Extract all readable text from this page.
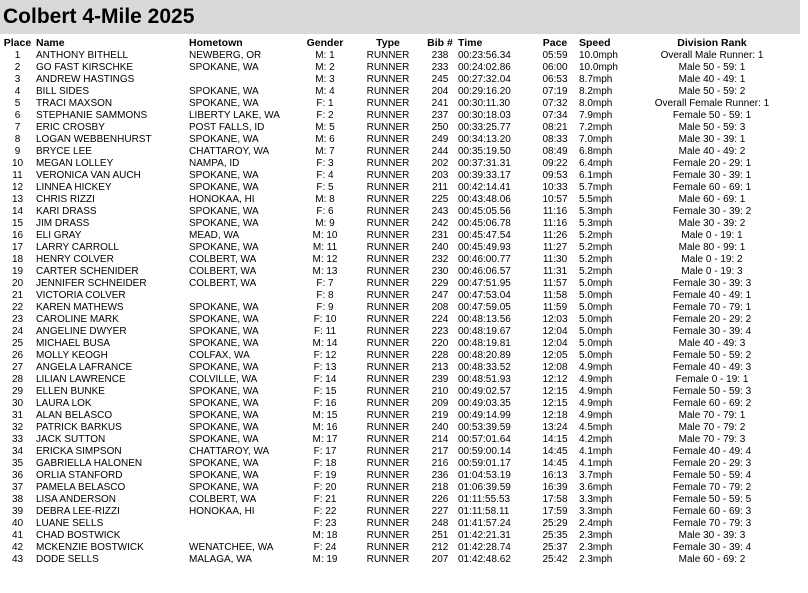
Colbert 4-Mile 2025
Place	Name	Hometown	Gender	Type	Bib #	Time	Pace	Speed	Division Rank
1	ANTHONY BITHELL	NEWBERG, OR	M: 1	RUNNER	238	00:23:56.34	05:59	10.0mph	Overall Male Runner: 1
2	GO FAST KIRSCHKE	SPOKANE, WA	M: 2	RUNNER	233	00:24:02.86	06:00	10.0mph	Male 50 - 59: 1
3	ANDREW HASTINGS		M: 3	RUNNER	245	00:27:32.04	06:53	8.7mph	Male 40 - 49: 1
4	BILL SIDES	SPOKANE, WA	M: 4	RUNNER	204	00:29:16.20	07:19	8.2mph	Male 50 - 59: 2
5	TRACI MAXSON	SPOKANE, WA	F: 1	RUNNER	241	00:30:11.30	07:32	8.0mph	Overall Female Runner: 1
6	STEPHANIE SAMMONS	LIBERTY LAKE, WA	F: 2	RUNNER	237	00:30:18.03	07:34	7.9mph	Female 50 - 59: 1
7	ERIC CROSBY	POST FALLS, ID	M: 5	RUNNER	250	00:33:25.77	08:21	7.2mph	Male 50 - 59: 3
8	LOGAN WEBBENHURST	SPOKANE, WA	M: 6	RUNNER	249	00:34:13.20	08:33	7.0mph	Male 30 - 39: 1
9	BRYCE LEE	CHATTAROY, WA	M: 7	RUNNER	244	00:35:19.50	08:49	6.8mph	Male 40 - 49: 2
10	MEGAN LOLLEY	NAMPA, ID	F: 3	RUNNER	202	00:37:31.31	09:22	6.4mph	Female 20 - 29: 1
11	VERONICA VAN AUCH	SPOKANE, WA	F: 4	RUNNER	203	00:39:33.17	09:53	6.1mph	Female 30 - 39: 1
12	LINNEA HICKEY	SPOKANE, WA	F: 5	RUNNER	211	00:42:14.41	10:33	5.7mph	Female 60 - 69: 1
13	CHRIS RIZZI	HONOKAA, HI	M: 8	RUNNER	225	00:43:48.06	10:57	5.5mph	Male 60 - 69: 1
14	KARI DRASS	SPOKANE, WA	F: 6	RUNNER	243	00:45:05.56	11:16	5.3mph	Female 30 - 39: 2
15	JIM DRASS	SPOKANE, WA	M: 9	RUNNER	242	00:45:06.78	11:16	5.3mph	Male 30 - 39: 2
16	ELI GRAY	MEAD, WA	M: 10	RUNNER	231	00:45:47.54	11:26	5.2mph	Male 0 - 19: 1
17	LARRY CARROLL	SPOKANE, WA	M: 11	RUNNER	240	00:45:49.93	11:27	5.2mph	Male 80 - 99: 1
18	HENRY COLVER	COLBERT, WA	M: 12	RUNNER	232	00:46:00.77	11:30	5.2mph	Male 0 - 19: 2
19	CARTER SCHENIDER	COLBERT, WA	M: 13	RUNNER	230	00:46:06.57	11:31	5.2mph	Male 0 - 19: 3
20	JENNIFER SCHNEIDER	COLBERT, WA	F: 7	RUNNER	229	00:47:51.95	11:57	5.0mph	Female 30 - 39: 3
21	VICTORIA COLVER		F: 8	RUNNER	247	00:47:53.04	11:58	5.0mph	Female 40 - 49: 1
22	KAREN MATHEWS	SPOKANE, WA	F: 9	RUNNER	208	00:47:59.05	11:59	5.0mph	Female 70 - 79: 1
23	CAROLINE MARK	SPOKANE, WA	F: 10	RUNNER	224	00:48:13.56	12:03	5.0mph	Female 20 - 29: 2
24	ANGELINE DWYER	SPOKANE, WA	F: 11	RUNNER	223	00:48:19.67	12:04	5.0mph	Female 30 - 39: 4
25	MICHAEL BUSA	SPOKANE, WA	M: 14	RUNNER	220	00:48:19.81	12:04	5.0mph	Male 40 - 49: 3
26	MOLLY KEOGH	COLFAX, WA	F: 12	RUNNER	228	00:48:20.89	12:05	5.0mph	Female 50 - 59: 2
27	ANGELA LAFRANCE	SPOKANE, WA	F: 13	RUNNER	213	00:48:33.52	12:08	4.9mph	Female 40 - 49: 3
28	LILIAN LAWRENCE	COLVILLE, WA	F: 14	RUNNER	239	00:48:51.93	12:12	4.9mph	Female 0 - 19: 1
29	ELLEN BUNKE	SPOKANE, WA	F: 15	RUNNER	210	00:49:02.57	12:15	4.9mph	Female 50 - 59: 3
30	LAURA LOK	SPOKANE, WA	F: 16	RUNNER	209	00:49:03.35	12:15	4.9mph	Female 60 - 69: 2
31	ALAN BELASCO	SPOKANE, WA	M: 15	RUNNER	219	00:49:14.99	12:18	4.9mph	Male 70 - 79: 1
32	PATRICK BARKUS	SPOKANE, WA	M: 16	RUNNER	240	00:53:39.59	13:24	4.5mph	Male 70 - 79: 2
33	JACK SUTTON	SPOKANE, WA	M: 17	RUNNER	214	00:57:01.64	14:15	4.2mph	Male 70 - 79: 3
34	ERICKA SIMPSON	CHATTAROY, WA	F: 17	RUNNER	217	00:59:00.14	14:45	4.1mph	Female 40 - 49: 4
35	GABRIELLA HALONEN	SPOKANE, WA	F: 18	RUNNER	216	00:59:01.17	14:45	4.1mph	Female 20 - 29: 3
36	ORLIA STANFORD	SPOKANE, WA	F: 19	RUNNER	236	01:04:53.19	16:13	3.7mph	Female 50 - 59: 4
37	PAMELA BELASCO	SPOKANE, WA	F: 20	RUNNER	218	01:06:39.59	16:39	3.6mph	Female 70 - 79: 2
38	LISA ANDERSON	COLBERT, WA	F: 21	RUNNER	226	01:11:55.53	17:58	3.3mph	Female 50 - 59: 5
39	DEBRA LEE-RIZZI	HONOKAA, HI	F: 22	RUNNER	227	01:11:58.11	17:59	3.3mph	Female 60 - 69: 3
40	LUANE SELLS		F: 23	RUNNER	248	01:41:57.24	25:29	2.4mph	Female 70 - 79: 3
41	CHAD BOSTWICK		M: 18	RUNNER	251	01:42:21.31	25:35	2.3mph	Male 30 - 39: 3
42	MCKENZIE BOSTWICK	WENATCHEE, WA	F: 24	RUNNER	212	01:42:28.74	25:37	2.3mph	Female 30 - 39: 4
43	DODE SELLS	MALAGA, WA	M: 19	RUNNER	207	01:42:48.62	25:42	2.3mph	Male 60 - 69: 2
